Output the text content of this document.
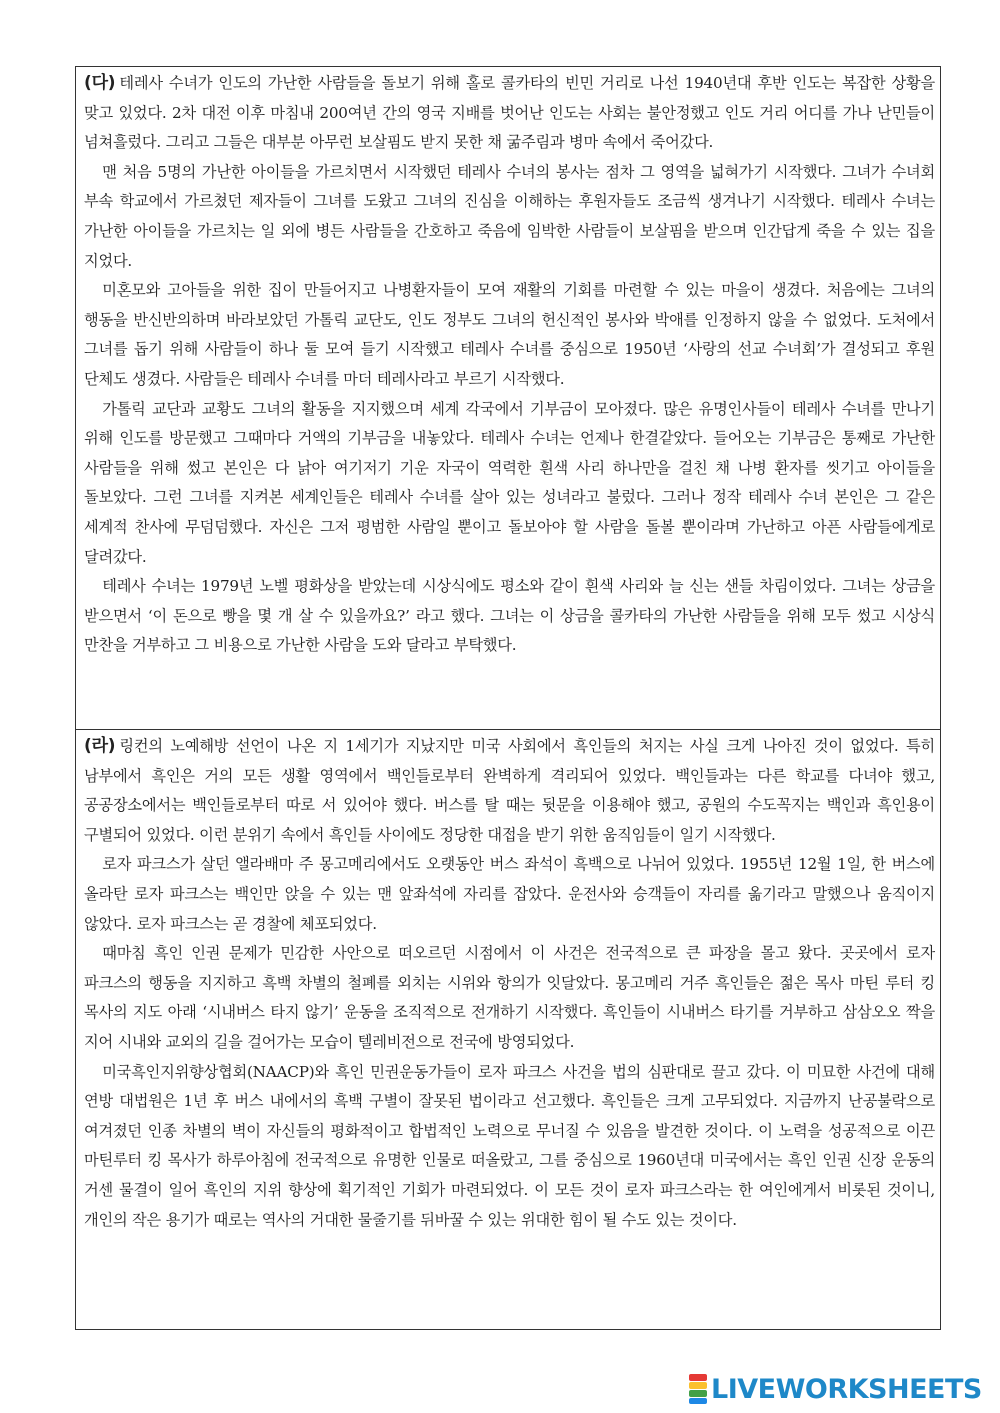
(다) 테레사 수녀가 인도의 가난한 사람들을 돌보기 위해 홀로 콜카타의 빈민 거리로 나선 1940년대 후반 인도는 복잡한 상황을 맞고 있었다. 2차 대전 이후 마침내 200여년 간의 영국 지배를 벗어난 인도는 사회는 불안정했고 인도 거리 어디를 가나 난민들이 넘쳐흘렀다. 그리고 그들은 대부분 아무런 보살핌도 받지 못한 채 굶주림과 병마 속에서 죽어갔다.

맨 처음 5명의 가난한 아이들을 가르치면서 시작했던 테레사 수녀의 봉사는 점차 그 영역을 넓혀가기 시작했다. 그녀가 수녀회 부속 학교에서 가르쳤던 제자들이 그녀를 도왔고 그녀의 진심을 이해하는 후원자들도 조금씩 생겨나기 시작했다. 테레사 수녀는 가난한 아이들을 가르치는 일 외에 병든 사람들을 간호하고 죽음에 임박한 사람들이 보살핌을 받으며 인간답게 죽을 수 있는 집을 지었다.

미혼모와 고아들을 위한 집이 만들어지고 나병환자들이 모여 재활의 기회를 마련할 수 있는 마을이 생겼다. 처음에는 그녀의 행동을 반신반의하며 바라보았던 가톨릭 교단도, 인도 정부도 그녀의 헌신적인 봉사와 박애를 인정하지 않을 수 없었다. 도처에서 그녀를 돕기 위해 사람들이 하나 둘 모여 들기 시작했고 테레사 수녀를 중심으로 1950년 ‘사랑의 선교 수녀회’가 결성되고 후원 단체도 생겼다. 사람들은 테레사 수녀를 마더 테레사라고 부르기 시작했다.

가톨릭 교단과 교황도 그녀의 활동을 지지했으며 세계 각국에서 기부금이 모아졌다. 많은 유명인사들이 테레사 수녀를 만나기 위해 인도를 방문했고 그때마다 거액의 기부금을 내놓았다. 테레사 수녀는 언제나 한결같았다. 들어오는 기부금은 통째로 가난한 사람들을 위해 썼고 본인은 다 낡아 여기저기 기운 자국이 역력한 흰색 사리 하나만을 걸친 채 나병 환자를 씻기고 아이들을 돌보았다. 그런 그녀를 지켜본 세계인들은 테레사 수녀를 살아 있는 성녀라고 불렀다. 그러나 정작 테레사 수녀 본인은 그 같은 세계적 찬사에 무덤덤했다. 자신은 그저 평범한 사람일 뿐이고 돌보아야 할 사람을 돌볼 뿐이라며 가난하고 아픈 사람들에게로 달려갔다.

테레사 수녀는 1979년 노벨 평화상을 받았는데 시상식에도 평소와 같이 흰색 사리와 늘 신는 샌들 차림이었다. 그녀는 상금을 받으면서 ‘이 돈으로 빵을 몇 개 살 수 있을까요?’ 라고 했다. 그녀는 이 상금을 콜카타의 가난한 사람들을 위해 모두 썼고 시상식 만찬을 거부하고 그 비용으로 가난한 사람을 도와 달라고 부탁했다.

(라) 링컨의 노예해방 선언이 나온 지 1세기가 지났지만 미국 사회에서 흑인들의 처지는 사실 크게 나아진 것이 없었다. 특히 남부에서 흑인은 거의 모든 생활 영역에서 백인들로부터 완벽하게 격리되어 있었다. 백인들과는 다른 학교를 다녀야 했고, 공공장소에서는 백인들로부터 따로 서 있어야 했다. 버스를 탈 때는 뒷문을 이용해야 했고, 공원의 수도꼭지는 백인과 흑인용이 구별되어 있었다. 이런 분위기 속에서 흑인들 사이에도 정당한 대접을 받기 위한 움직임들이 일기 시작했다.

로자 파크스가 살던 앨라배마 주 몽고메리에서도 오랫동안 버스 좌석이 흑백으로 나뉘어 있었다. 1955년 12월 1일, 한 버스에 올라탄 로자 파크스는 백인만 앉을 수 있는 맨 앞좌석에 자리를 잡았다. 운전사와 승객들이 자리를 옮기라고 말했으나 움직이지 않았다. 로자 파크스는 곧 경찰에 체포되었다.

때마침 흑인 인권 문제가 민감한 사안으로 떠오르던 시점에서 이 사건은 전국적으로 큰 파장을 몰고 왔다. 곳곳에서 로자 파크스의 행동을 지지하고 흑백 차별의 철폐를 외치는 시위와 항의가 잇달았다. 몽고메리 거주 흑인들은 젊은 목사 마틴 루터 킹 목사의 지도 아래 ‘시내버스 타지 않기’ 운동을 조직적으로 전개하기 시작했다. 흑인들이 시내버스 타기를 거부하고 삼삼오오 짝을 지어 시내와 교외의 길을 걸어가는 모습이 텔레비전으로 전국에 방영되었다.

미국흑인지위향상협회(NAACP)와 흑인 민권운동가들이 로자 파크스 사건을 법의 심판대로 끌고 갔다. 이 미묘한 사건에 대해 연방 대법원은 1년 후 버스 내에서의 흑백 구별이 잘못된 법이라고 선고했다. 흑인들은 크게 고무되었다. 지금까지 난공불락으로 여겨졌던 인종 차별의 벽이 자신들의 평화적이고 합법적인 노력으로 무너질 수 있음을 발견한 것이다. 이 노력을 성공적으로 이끈 마틴루터 킹 목사가 하루아침에 전국적으로 유명한 인물로 떠올랐고, 그를 중심으로 1960년대 미국에서는 흑인 인권 신장 운동의 거센 물결이 일어 흑인의 지위 향상에 획기적인 기회가 마련되었다. 이 모든 것이 로자 파크스라는 한 여인에게서 비롯된 것이니, 개인의 작은 용기가 때로는 역사의 거대한 물줄기를 뒤바꿀 수 있는 위대한 힘이 될 수도 있는 것이다.

LIVEWORKSHEETS
